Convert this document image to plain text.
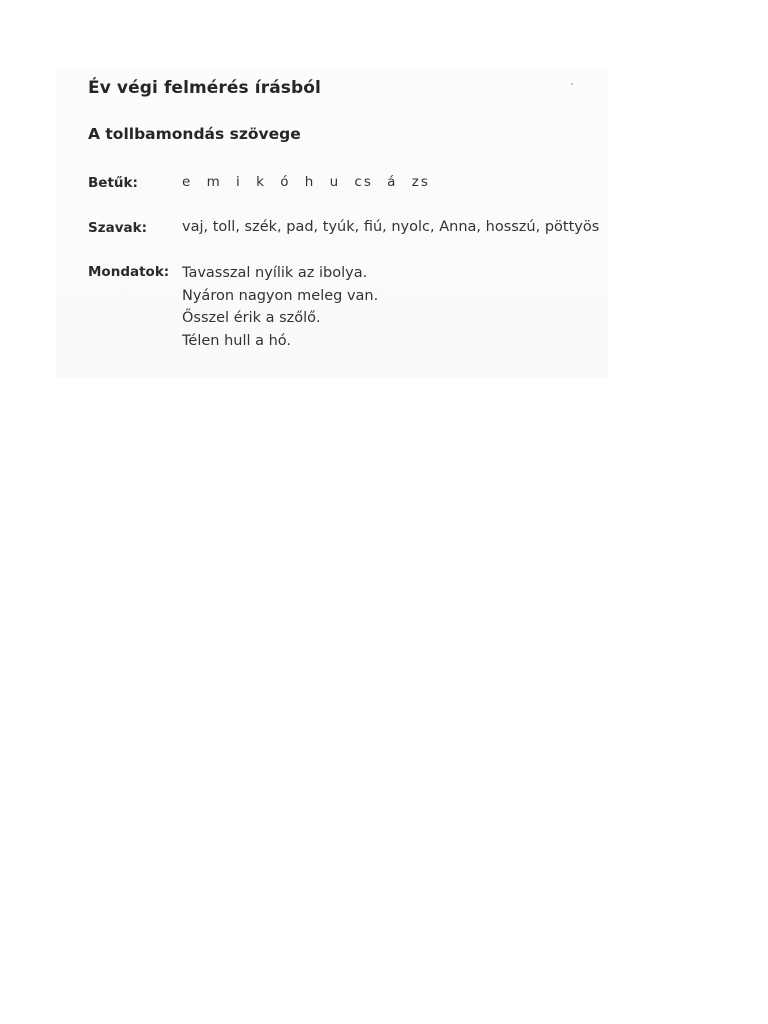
Év végi felmérés írásból
A tollbamondás szövege
Betűk:	e m i k ó h u cs á zs
Szavak: vaj, toll, szék, pad, tyúk, fiú, nyolc, Anna, hosszú, pöttyös
Mondatok: Tavasszal nyílik az ibolya.
Nyáron nagyon meleg van.
Ősszel érik a szőlő.
Télen hull a hó.
